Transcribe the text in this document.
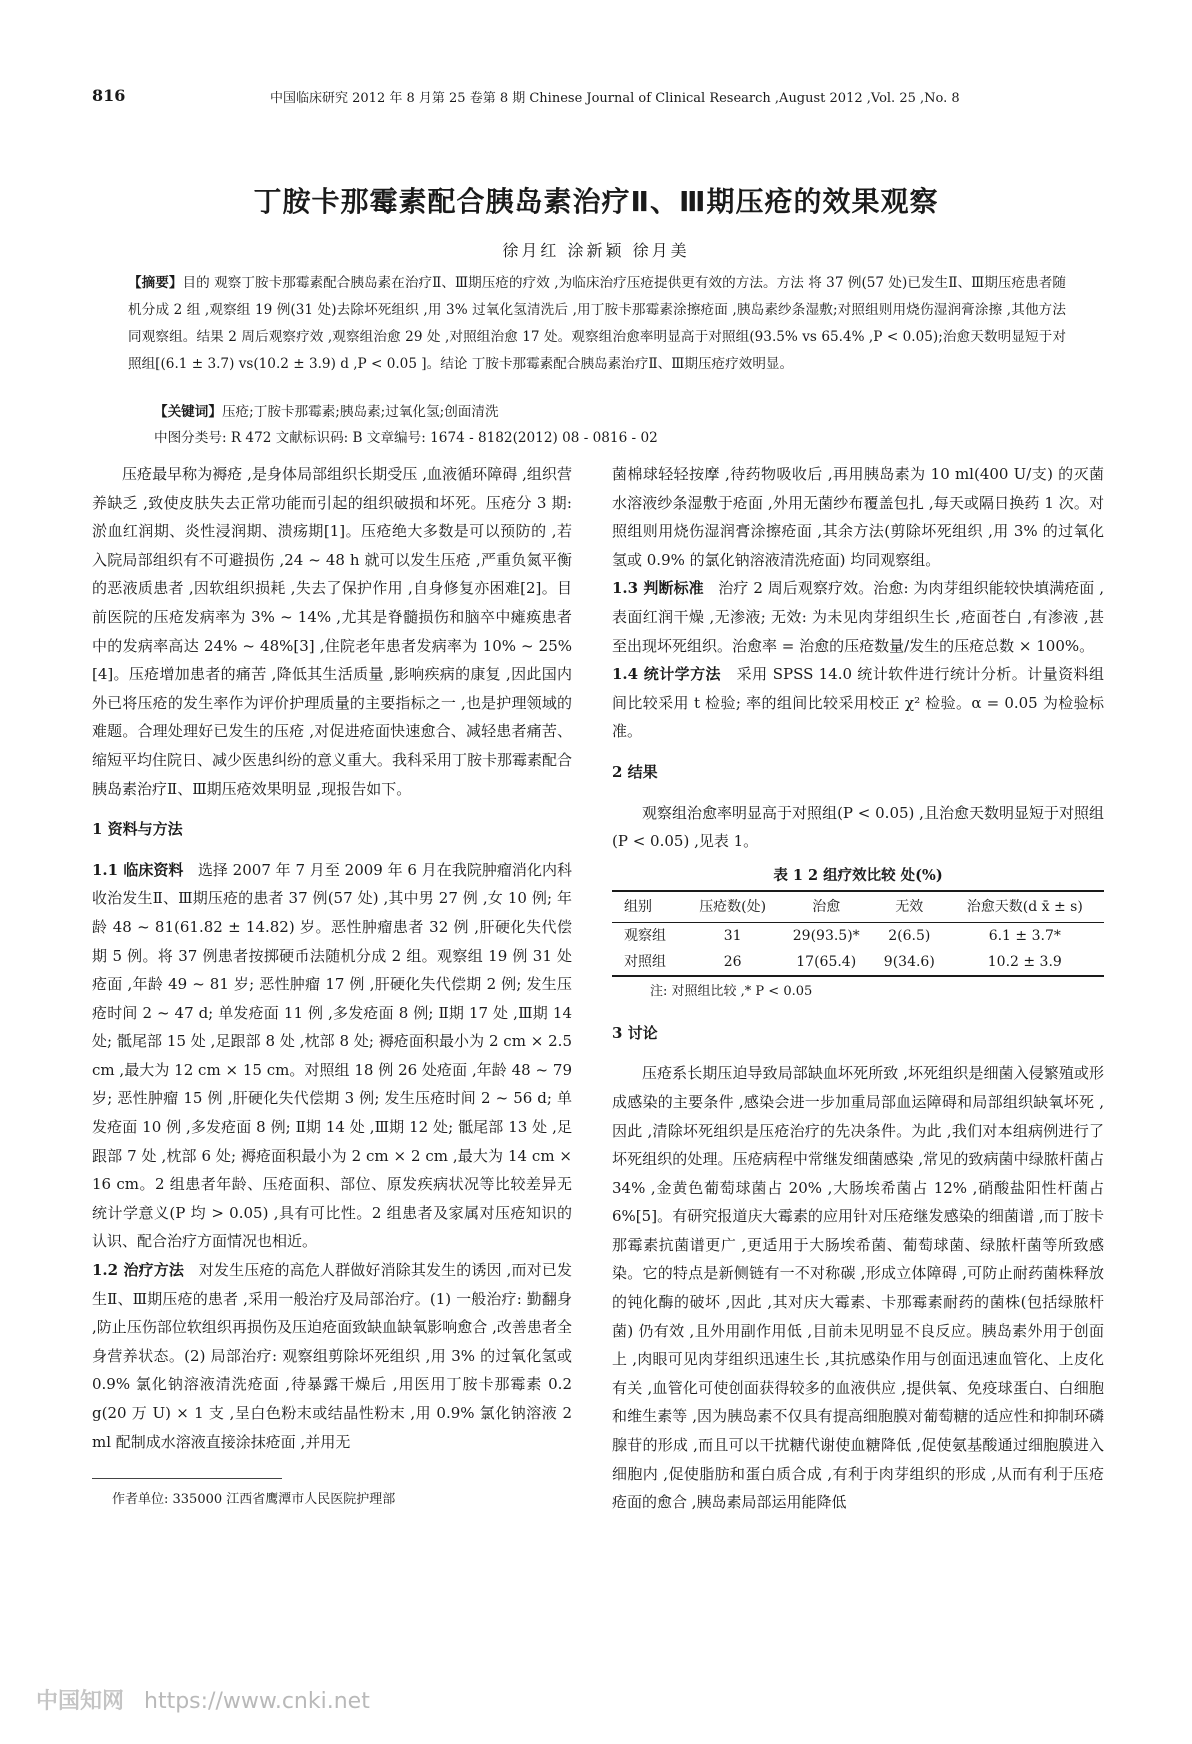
816	中国临床研究 2012 年 8 月第 25 卷第 8 期 Chinese Journal of Clinical Research ,August 2012 ,Vol. 25 ,No. 8
丁胺卡那霉素配合胰岛素治疗Ⅱ、Ⅲ期压疮的效果观察
徐月红 涂新颖 徐月美
【摘要】目的 观察丁胺卡那霉素配合胰岛素在治疗Ⅱ、Ⅲ期压疮的疗效 ,为临床治疗压疮提供更有效的方法。方法 将 37 例(57 处)已发生Ⅱ、Ⅲ期压疮患者随机分成 2 组 ,观察组 19 例(31 处)去除坏死组织 ,用 3% 过氧化氢清洗后 ,用丁胺卡那霉素涂擦疮面 ,胰岛素纱条湿敷;对照组则用烧伤湿润膏涂擦 ,其他方法同观察组。结果 2 周后观察疗效 ,观察组治愈 29 处 ,对照组治愈 17 处。观察组治愈率明显高于对照组(93.5% vs 65.4% ,P < 0.05);治愈天数明显短于对照组[(6.1 ± 3.7) vs(10.2 ± 3.9) d ,P < 0.05 ]。结论 丁胺卡那霉素配合胰岛素治疗Ⅱ、Ⅲ期压疮疗效明显。
【关键词】压疮;丁胺卡那霉素;胰岛素;过氧化氢;创面清洗
中图分类号: R 472 文献标识码: B 文章编号: 1674 - 8182(2012) 08 - 0816 - 02

压疮最早称为褥疮 ,是身体局部组织长期受压 ,血液循环障碍 ,组织营养缺乏 ,致使皮肤失去正常功能而引起的组织破损和坏死。压疮分 3 期: 淤血红润期、炎性浸润期、溃疡期[1]。压疮绝大多数是可以预防的 ,若入院局部组织有不可避损伤 ,24 ~ 48 h 就可以发生压疮 ,严重负氮平衡的恶液质患者 ,因软组织损耗 ,失去了保护作用 ,自身修复亦困难[2]。目前医院的压疮发病率为 3% ~ 14% ,尤其是脊髓损伤和脑卒中瘫痪患者中的发病率高达 24% ~ 48%[3] ,住院老年患者发病率为 10% ~ 25%[4]。压疮增加患者的痛苦 ,降低其生活质量 ,影响疾病的康复 ,因此国内外已将压疮的发生率作为评价护理质量的主要指标之一 ,也是护理领域的难题。合理处理好已发生的压疮 ,对促进疮面快速愈合、减轻患者痛苦、缩短平均住院日、减少医患纠纷的意义重大。我科采用丁胺卡那霉素配合胰岛素治疗Ⅱ、Ⅲ期压疮效果明显 ,现报告如下。

1 资料与方法

1.1 临床资料 选择 2007 年 7 月至 2009 年 6 月在我院肿瘤消化内科收治发生Ⅱ、Ⅲ期压疮的患者 37 例(57 处) ,其中男 27 例 ,女 10 例; 年龄 48 ~ 81(61.82 ± 14.82) 岁。恶性肿瘤患者 32 例 ,肝硬化失代偿期 5 例。将 37 例患者按掷硬币法随机分成 2 组。观察组 19 例 31 处疮面 ,年龄 49 ~ 81 岁; 恶性肿瘤 17 例 ,肝硬化失代偿期 2 例; 发生压疮时间 2 ~ 47 d; 单发疮面 11 例 ,多发疮面 8 例; Ⅱ期 17 处 ,Ⅲ期 14 处; 骶尾部 15 处 ,足跟部 8 处 ,枕部 8 处; 褥疮面积最小为 2 cm × 2.5 cm ,最大为 12 cm × 15 cm。对照组 18 例 26 处疮面 ,年龄 48 ~ 79 岁; 恶性肿瘤 15 例 ,肝硬化失代偿期 3 例; 发生压疮时间 2 ~ 56 d; 单发疮面 10 例 ,多发疮面 8 例; Ⅱ期 14 处 ,Ⅲ期 12 处; 骶尾部 13 处 ,足跟部 7 处 ,枕部 6 处; 褥疮面积最小为 2 cm × 2 cm ,最大为 14 cm × 16 cm。2 组患者年龄、压疮面积、部位、原发疾病状况等比较差异无统计学意义(P 均 > 0.05) ,具有可比性。2 组患者及家属对压疮知识的认识、配合治疗方面情况也相近。

1.2 治疗方法 对发生压疮的高危人群做好消除其发生的诱因 ,而对已发生Ⅱ、Ⅲ期压疮的患者 ,采用一般治疗及局部治疗。(1) 一般治疗: 勤翻身 ,防止压伤部位软组织再损伤及压迫疮面致缺血缺氧影响愈合 ,改善患者全身营养状态。(2) 局部治疗: 观察组剪除坏死组织 ,用 3% 的过氧化氢或 0.9% 氯化钠溶液清洗疮面 ,待暴露干燥后 ,用医用丁胺卡那霉素 0.2 g(20 万 U) × 1 支 ,呈白色粉末或结晶性粉末 ,用 0.9% 氯化钠溶液 2 ml 配制成水溶液直接涂抹疮面 ,并用无

菌棉球轻轻按摩 ,待药物吸收后 ,再用胰岛素为 10 ml(400 U/支) 的灭菌水溶液纱条湿敷于疮面 ,外用无菌纱布覆盖包扎 ,每天或隔日换药 1 次。对照组则用烧伤湿润膏涂擦疮面 ,其余方法(剪除坏死组织 ,用 3% 的过氧化氢或 0.9% 的氯化钠溶液清洗疮面) 均同观察组。

1.3 判断标准 治疗 2 周后观察疗效。治愈: 为肉芽组织能较快填满疮面 ,表面红润干燥 ,无渗液; 无效: 为未见肉芽组织生长 ,疮面苍白 ,有渗液 ,甚至出现坏死组织。治愈率 = 治愈的压疮数量/发生的压疮总数 × 100%。

1.4 统计学方法 采用 SPSS 14.0 统计软件进行统计分析。计量资料组间比较采用 t 检验; 率的组间比较采用校正 χ² 检验。α = 0.05 为检验标准。

2 结果

观察组治愈率明显高于对照组(P < 0.05) ,且治愈天数明显短于对照组(P < 0.05) ,见表 1。

表 1 2 组疗效比较 处(%)
组别	压疮数(处)	治愈	无效	治愈天数(d x̄ ± s)
观察组	31	29(93.5)*	2(6.5)	6.1 ± 3.7*
对照组	26	17(65.4)	9(34.6)	10.2 ± 3.9

注: 对照组比较 ,* P < 0.05

3 讨论

压疮系长期压迫导致局部缺血坏死所致 ,坏死组织是细菌入侵繁殖或形成感染的主要条件 ,感染会进一步加重局部血运障碍和局部组织缺氧坏死 ,因此 ,清除坏死组织是压疮治疗的先决条件。为此 ,我们对本组病例进行了坏死组织的处理。压疮病程中常继发细菌感染 ,常见的致病菌中绿脓杆菌占 34% ,金黄色葡萄球菌占 20% ,大肠埃希菌占 12% ,硝酸盐阳性杆菌占 6%[5]。有研究报道庆大霉素的应用针对压疮继发感染的细菌谱 ,而丁胺卡那霉素抗菌谱更广 ,更适用于大肠埃希菌、葡萄球菌、绿脓杆菌等所致感染。它的特点是新侧链有一不对称碳 ,形成立体障碍 ,可防止耐药菌株释放的钝化酶的破坏 ,因此 ,其对庆大霉素、卡那霉素耐药的菌株(包括绿脓杆菌) 仍有效 ,且外用副作用低 ,目前未见明显不良反应。胰岛素外用于创面上 ,肉眼可见肉芽组织迅速生长 ,其抗感染作用与创面迅速血管化、上皮化有关 ,血管化可使创面获得较多的血液供应 ,提供氧、免疫球蛋白、白细胞和维生素等 ,因为胰岛素不仅具有提高细胞膜对葡萄糖的适应性和抑制环磷腺苷的形成 ,而且可以干扰糖代谢使血糖降低 ,促使氨基酸通过细胞膜进入细胞内 ,促使脂肪和蛋白质合成 ,有利于肉芽组织的形成 ,从而有利于压疮疮面的愈合 ,胰岛素局部运用能降低

作者单位: 335000 江西省鹰潭市人民医院护理部
中国知网 https://www.cnki.net
